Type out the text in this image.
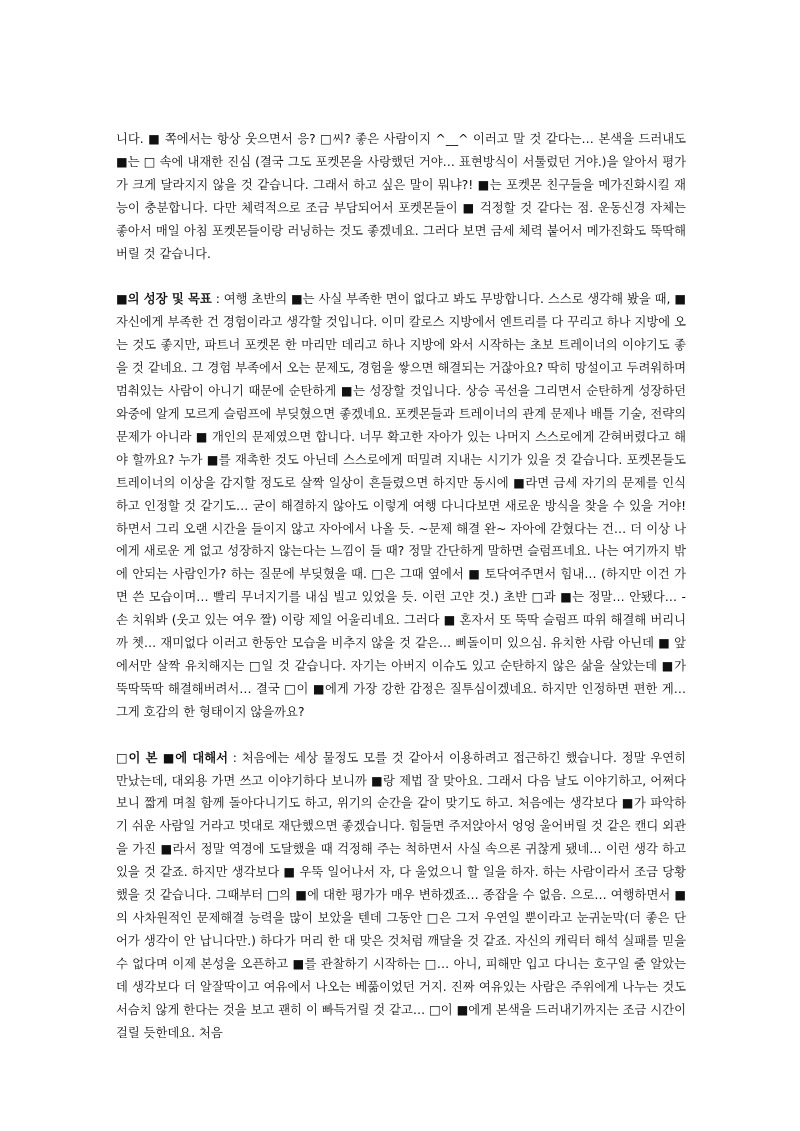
니다. ■ 쪽에서는 항상 웃으면서 응? □씨? 좋은 사람이지 ^__^ 이러고 말 것 같다는… 본색을 드러내도 ■는 □ 속에 내재한 진심 (결국 그도 포켓몬을 사랑했던 거야… 표현방식이 서툴렀던 거야.)을 알아서 평가가 크게 달라지지 않을 것 같습니다. 그래서 하고 싶은 말이 뭐냐?! ■는 포켓몬 친구들을 메가진화시킬 재능이 충분합니다. 다만 체력적으로 조금 부담되어서 포켓몬들이 ■ 걱정할 것 같다는 점. 운동신경 자체는 좋아서 매일 아침 포켓몬들이랑 러닝하는 것도 좋겠네요. 그러다 보면 금세 체력 붙어서 메가진화도 뚝딱해버릴 것 같습니다.

■의 성장 및 목표 : 여행 초반의 ■는 사실 부족한 면이 없다고 봐도 무방합니다. 스스로 생각해 봤을 때, ■ 자신에게 부족한 건 경험이라고 생각할 것입니다. 이미 칼로스 지방에서 엔트리를 다 꾸리고 하나 지방에 오는 것도 좋지만, 파트너 포켓몬 한 마리만 데리고 하나 지방에 와서 시작하는 초보 트레이너의 이야기도 좋을 것 같네요. 그 경험 부족에서 오는 문제도, 경험을 쌓으면 해결되는 거잖아요? 딱히 망설이고 두려워하며 멈춰있는 사람이 아니기 때문에 순탄하게 ■는 성장할 것입니다. 상승 곡선을 그리면서 순탄하게 성장하던 와중에 알게 모르게 슬럼프에 부딪혔으면 좋겠네요. 포켓몬들과 트레이너의 관계 문제나 배틀 기술, 전략의 문제가 아니라 ■ 개인의 문제였으면 합니다. 너무 확고한 자아가 있는 나머지 스스로에게 갇혀버렸다고 해야 할까요? 누가 ■를 재촉한 것도 아닌데 스스로에게 떠밀려 지내는 시기가 있을 것 같습니다. 포켓몬들도 트레이너의 이상을 감지할 정도로 살짝 일상이 흔들렸으면 하지만 동시에 ■라면 금세 자기의 문제를 인식하고 인정할 것 같기도… 굳이 해결하지 않아도 이렇게 여행 다니다보면 새로운 방식을 찾을 수 있을 거야! 하면서 그리 오랜 시간을 들이지 않고 자아에서 나올 듯. ~문제 해결 완~ 자아에 갇혔다는 건… 더 이상 나에게 새로운 게 없고 성장하지 않는다는 느낌이 들 때? 정말 간단하게 말하면 슬럼프네요. 나는 여기까지 밖에 안되는 사람인가? 하는 질문에 부딪혔을 때. □은 그때 옆에서 ■ 토닥여주면서 힘내… (하지만 이건 가면 쓴 모습이며… 빨리 무너지기를 내심 빌고 있었을 듯. 이런 고얀 것.) 초반 □과 ■는 정말… 안됐다… -손 치워봐 (웃고 있는 여우 짤) 이랑 제일 어울리네요. 그러다 ■ 혼자서 또 뚝딱 슬럼프 따위 해결해 버리니까 쳇… 재미없다 이러고 한동안 모습을 비추지 않을 것 같은… 삐돌이미 있으심. 유치한 사람 아닌데 ■ 앞에서만 살짝 유치해지는 □일 것 같습니다. 자기는 아버지 이슈도 있고 순탄하지 않은 삶을 살았는데 ■가 뚝딱뚝딱 해결해버려서… 결국 □이 ■에게 가장 강한 감정은 질투심이겠네요. 하지만 인정하면 편한 게… 그게 호감의 한 형태이지 않을까요?

□이 본 ■에 대해서 : 처음에는 세상 물정도 모를 것 같아서 이용하려고 접근하긴 했습니다. 정말 우연히 만났는데, 대외용 가면 쓰고 이야기하다 보니까 ■랑 제법 잘 맞아요. 그래서 다음 날도 이야기하고, 어쩌다 보니 짧게 며칠 함께 돌아다니기도 하고, 위기의 순간을 같이 맞기도 하고. 처음에는 생각보다 ■가 파악하기 쉬운 사람일 거라고 멋대로 재단했으면 좋겠습니다. 힘들면 주저앉아서 엉엉 울어버릴 것 같은 캔디 외관을 가진 ■라서 정말 역경에 도달했을 때 걱정해 주는 척하면서 사실 속으론 귀찮게 됐네… 이런 생각 하고 있을 것 같죠. 하지만 생각보다 ■ 우뚝 일어나서 자, 다 울었으니 할 일을 하자. 하는 사람이라서 조금 당황했을 것 같습니다. 그때부터 □의 ■에 대한 평가가 매우 변하겠죠… 종잡을 수 없음. 으로… 여행하면서 ■의 사차원적인 문제해결 능력을 많이 보았을 텐데 그동안 □은 그저 우연일 뿐이라고 눈귀눈막(더 좋은 단어가 생각이 안 납니다만.) 하다가 머리 한 대 맞은 것처럼 깨달을 것 같죠. 자신의 캐릭터 해석 실패를 믿을 수 없다며 이제 본성을 오픈하고 ■를 관찰하기 시작하는 □… 아니, 피해만 입고 다니는 호구일 줄 알았는데 생각보다 더 알잘딱이고 여유에서 나오는 베풂이었던 거지. 진짜 여유있는 사람은 주위에게 나누는 것도 서슴치 않게 한다는 것을 보고 괜히 이 빠득거릴 것 같고… □이 ■에게 본색을 드러내기까지는 조금 시간이 걸릴 듯한데요. 처음
